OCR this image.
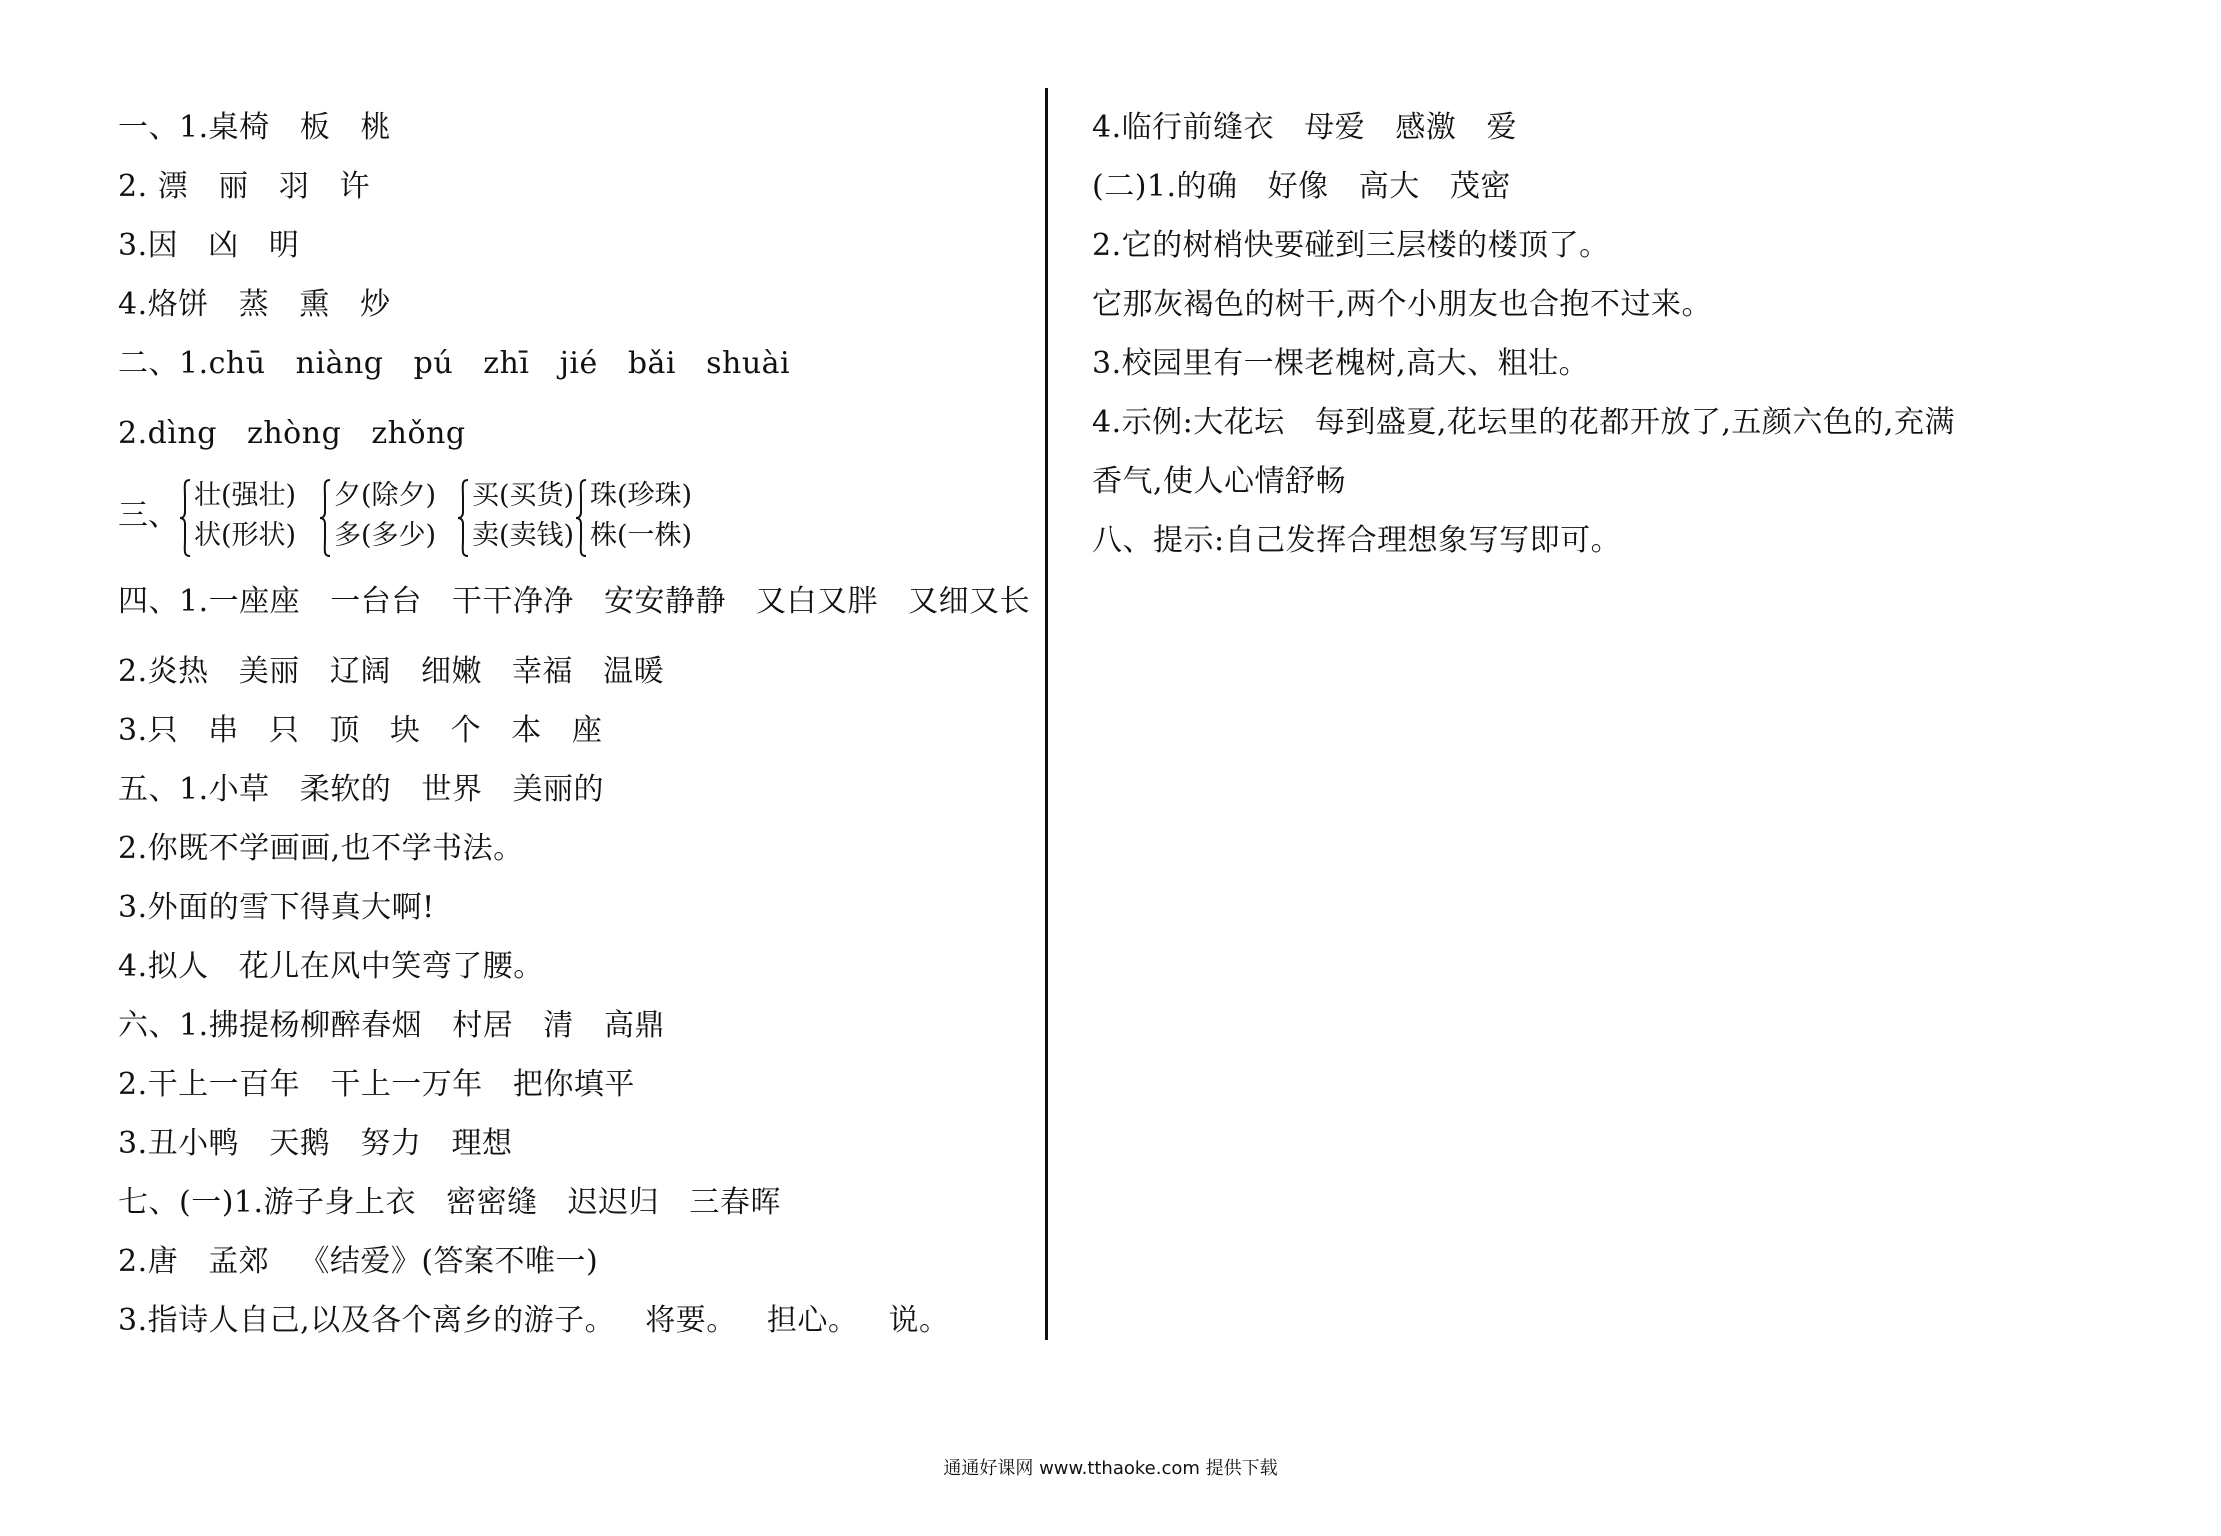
一、1.桌椅   板   桃
2. 漂   丽   羽   许
3.因   凶   明
4.烙饼   蒸   熏   炒
二、1.chū   niàng   pú   zhī   jié   bǎi   shuài
2.dìng   zhòng   zhǒng
三、
壮(强壮)
状(形状)
夕(除夕)
多(多少)
买(买货)
卖(卖钱)
珠(珍珠)
株(一株)
四、1.一座座   一台台   干干净净   安安静静   又白又胖   又细又长
2.炎热   美丽   辽阔   细嫩   幸福   温暖
3.只   串   只   顶   块   个   本   座
五、1.小草   柔软的   世界   美丽的
2.你既不学画画,也不学书法。
3.外面的雪下得真大啊!
4.拟人   花儿在风中笑弯了腰。
六、1.拂提杨柳醉春烟   村居   清   高鼎
2.干上一百年   干上一万年   把你填平
3.丑小鸭   天鹅   努力   理想
七、(一)1.游子身上衣   密密缝   迟迟归   三春晖
2.唐   孟郊   《结爱》(答案不唯一)
3.指诗人自己,以及各个离乡的游子。   将要。   担心。   说。
4.临行前缝衣   母爱   感激   爱
(二)1.的确   好像   高大   茂密
2.它的树梢快要碰到三层楼的楼顶了。
它那灰褐色的树干,两个小朋友也合抱不过来。
3.校园里有一棵老槐树,高大、粗壮。
4.示例:大花坛   每到盛夏,花坛里的花都开放了,五颜六色的,充满
香气,使人心情舒畅
八、提示:自己发挥合理想象写写即可。
通通好课网 www.tthaoke.com 提供下载
